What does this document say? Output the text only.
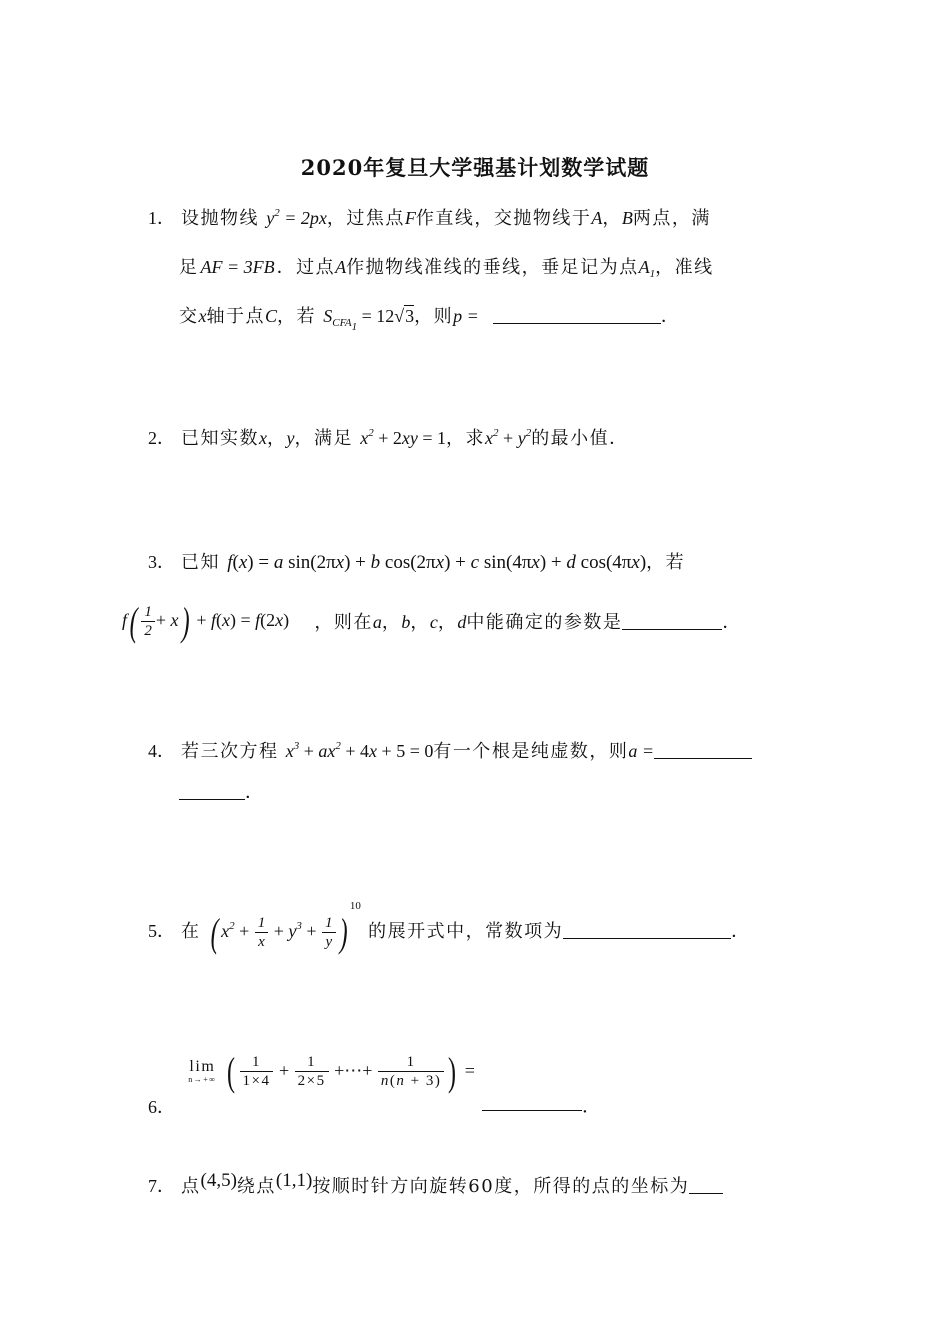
2020年复旦大学强基计划数学试题
1． 设抛物线 $y^2 = 2px$，过焦点F作直线，交抛物线于A，B两点，满
足 AF = 3FB ．过点A作抛物线准线的垂线，垂足记为点$A_1$，准线
交x轴于点C，若 $S_{CFA_1} = 12√3$，则p =	．
2． 已知实数x，y，满足 $x^2 + 2xy = 1$，求$x^2 + y^2$的最小值．
3． 已知 f(x) = a sin(2πx) + b cos(2πx) + c sin(4πx) + d cos(4πx)，若
$f( \frac{1}{2} + x) + f(x) = f(2x)$ ，则在a，b，c，d中能确定的参数是	．
4． 若三次方程 $x^3 + ax^2 + 4x + 5 = 0$有一个根是纯虚数，则a =
．
5． 在 ( $x^2 + \frac{1}{x} + y^3 + \frac{1}{y} )^{10}$ 的展开式中，常数项为	．
6．
lim
n→+∞ ( $\frac{1}{1\times 4} + \frac{1}{2\times 5}$ +⋯+ $\frac{1}{n(n + 3)}$ ) = ．
7． 点(4,5)绕点(1,1)按顺时针方向旋转60度，所得的点的坐标为
